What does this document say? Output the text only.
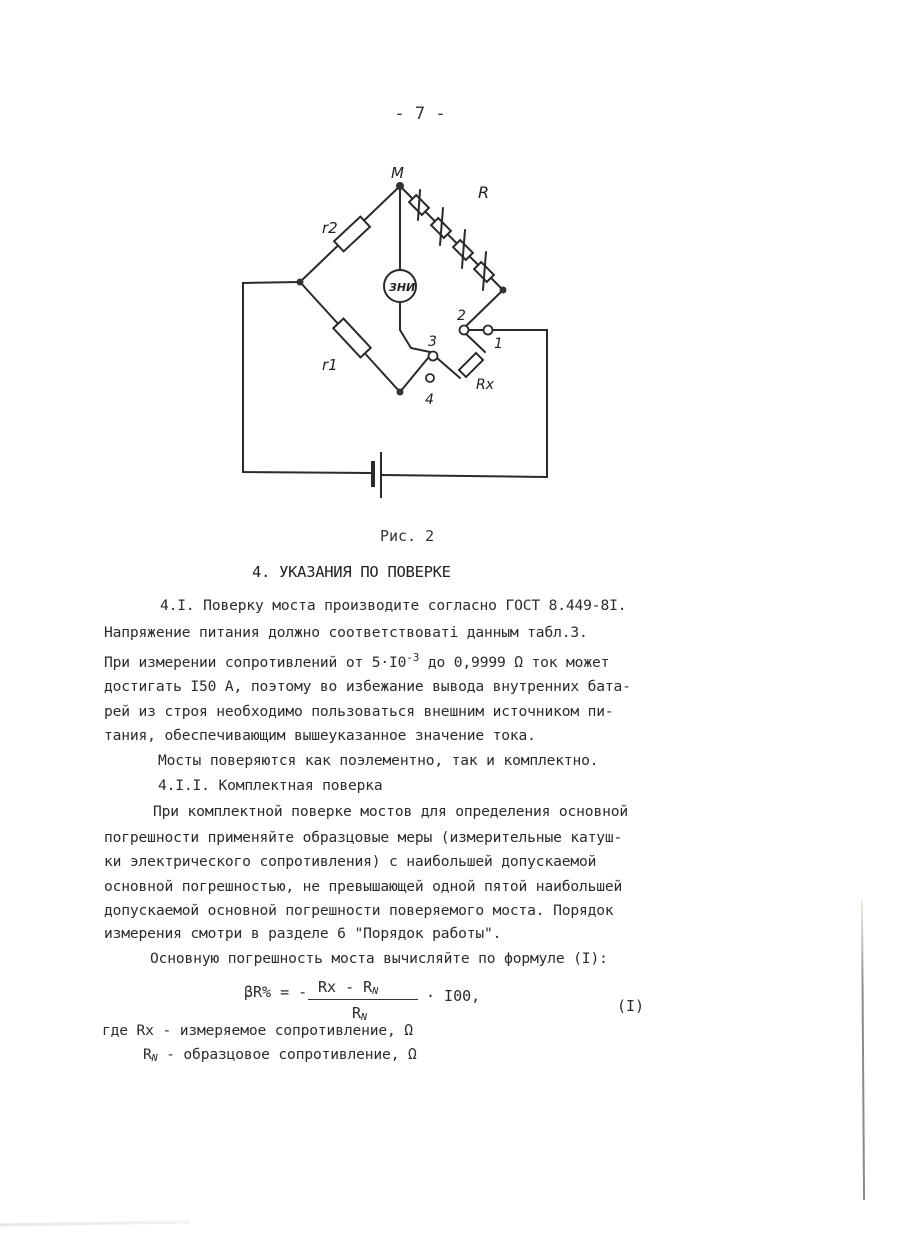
- 7 -
M
R
r2
r1
Rx
ЗНИ
1
2
3
4
Рис. 2
4. УКАЗАНИЯ ПО ПОВЕРКЕ
4.I. Поверку моста производите согласно ГОСТ 8.449-8I.
Напряжение питания должно соответствоватi данным табл.3.
При измерении сопротивлений от $5\cdot I0^{-3}$ до 0,9999 Ω ток может
достигать I50 А, поэтому во избежание вывода внутренних бата-
рей из строя необходимо пользоваться внешним источником пи-
тания, обеспечивающим вышеуказанное значение тока.
Мосты поверяются как поэлементно, так и комплектно.
4.I.I. Комплектная поверка
При комплектной поверке мостов для определения основной
погрешности применяйте образцовые меры (измерительные катуш-
ки электрического сопротивления) с наибольшей допускаемой
основной погрешностью, не превышающей одной пятой наибольшей
допускаемой основной погрешности поверяемого моста. Порядок
измерения смотри в разделе 6 "Порядок работы".
Основную погрешность моста вычисляйте по формуле (I):
βR% = - Rx - $R_N$
$R_N$
· I00,
(I)
где Rx - измеряемое сопротивление, Ω
$R_N$ - образцовое сопротивление, Ω
